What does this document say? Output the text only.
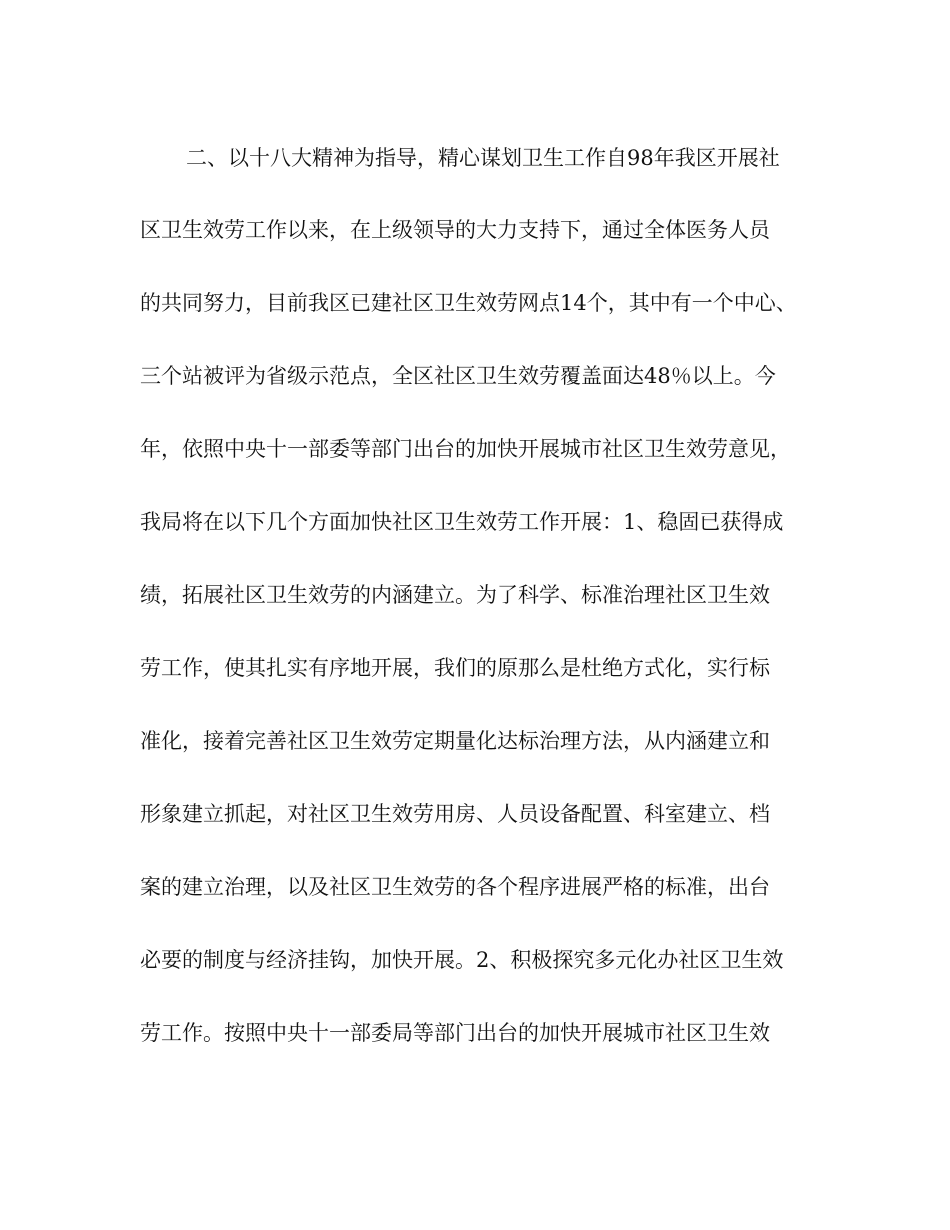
二、以十八大精神为指导，精心谋划卫生工作自98年我区开展社
区卫生效劳工作以来，在上级领导的大力支持下，通过全体医务人员
的共同努力，目前我区已建社区卫生效劳网点14个，其中有一个中心、
三个站被评为省级示范点，全区社区卫生效劳覆盖面达48％以上。今
年，依照中央十一部委等部门出台的加快开展城市社区卫生效劳意见，
我局将在以下几个方面加快社区卫生效劳工作开展：1、稳固已获得成
绩，拓展社区卫生效劳的内涵建立。为了科学、标准治理社区卫生效
劳工作，使其扎实有序地开展，我们的原那么是杜绝方式化，实行标
准化，接着完善社区卫生效劳定期量化达标治理方法，从内涵建立和
形象建立抓起，对社区卫生效劳用房、人员设备配置、科室建立、档
案的建立治理，以及社区卫生效劳的各个程序进展严格的标准，出台
必要的制度与经济挂钩，加快开展。2、积极探究多元化办社区卫生效
劳工作。按照中央十一部委局等部门出台的加快开展城市社区卫生效
